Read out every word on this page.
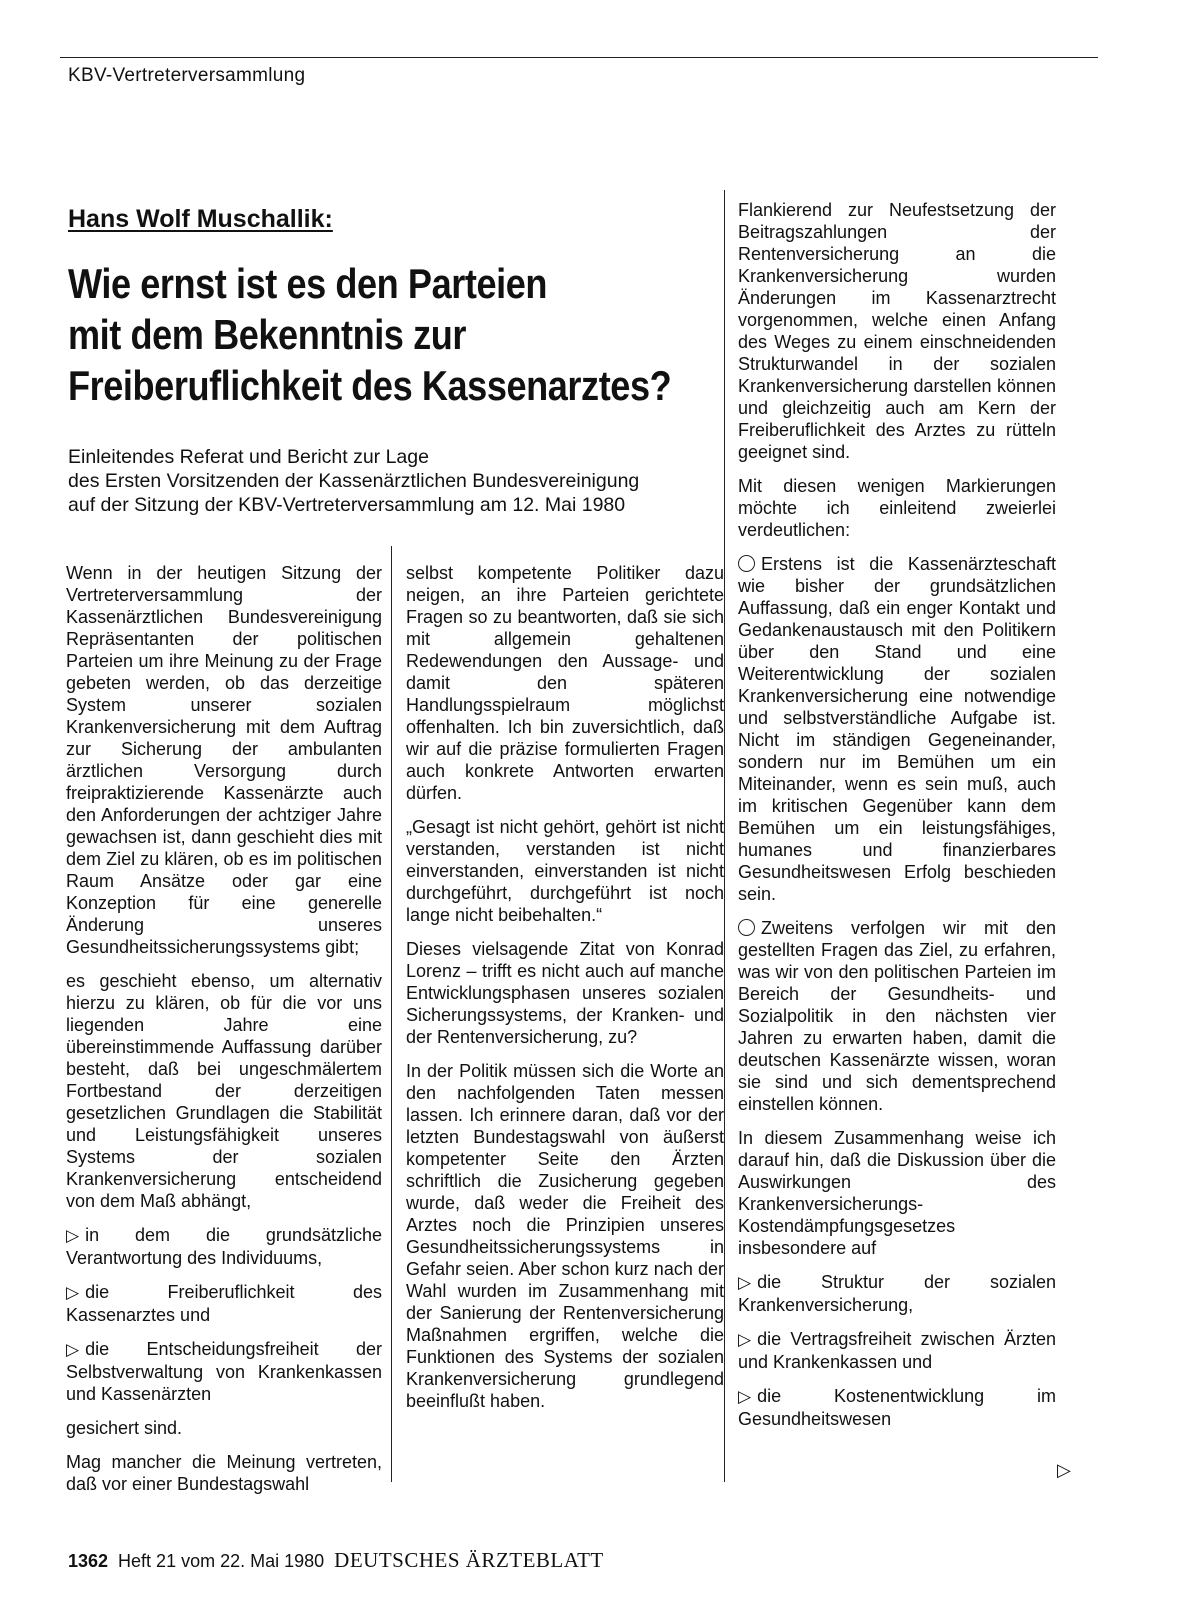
KBV-Vertreterversammlung
Hans Wolf Muschallik:
Wie ernst ist es den Parteien
mit dem Bekenntnis zur
Freiberuflichkeit des Kassenarztes?
Einleitendes Referat und Bericht zur Lage
des Ersten Vorsitzenden der Kassenärztlichen Bundesvereinigung
auf der Sitzung der KBV-Vertreterversammlung am 12. Mai 1980

Wenn in der heutigen Sitzung der Vertreterversammlung der Kassenärztlichen Bundesvereinigung Repräsentanten der politischen Parteien um ihre Meinung zu der Frage gebeten werden, ob das derzeitige System unserer sozialen Krankenversicherung mit dem Auftrag zur Sicherung der ambulanten ärztlichen Versorgung durch freipraktizierende Kassenärzte auch den Anforderungen der achtziger Jahre gewachsen ist, dann geschieht dies mit dem Ziel zu klären, ob es im politischen Raum Ansätze oder gar eine Konzeption für eine generelle Änderung unseres Gesundheitssicherungssystems gibt;

es geschieht ebenso, um alternativ hierzu zu klären, ob für die vor uns liegenden Jahre eine übereinstimmende Auffassung darüber besteht, daß bei ungeschmälertem Fortbestand der derzeitigen gesetzlichen Grundlagen die Stabilität und Leistungsfähigkeit unseres Systems der sozialen Krankenversicherung entscheidend von dem Maß abhängt,

▷ in dem die grundsätzliche Verantwortung des Individuums,

▷ die Freiberuflichkeit des Kassenarztes und

▷ die Entscheidungsfreiheit der Selbstverwaltung von Krankenkassen und Kassenärzten

gesichert sind.

Mag mancher die Meinung vertreten, daß vor einer Bundestagswahl

selbst kompetente Politiker dazu neigen, an ihre Parteien gerichtete Fragen so zu beantworten, daß sie sich mit allgemein gehaltenen Redewendungen den Aussage- und damit den späteren Handlungsspielraum möglichst offenhalten. Ich bin zuversichtlich, daß wir auf die präzise formulierten Fragen auch konkrete Antworten erwarten dürfen.

„Gesagt ist nicht gehört, gehört ist nicht verstanden, verstanden ist nicht einverstanden, einverstanden ist nicht durchgeführt, durchgeführt ist noch lange nicht beibehalten.“

Dieses vielsagende Zitat von Konrad Lorenz – trifft es nicht auch auf manche Entwicklungsphasen unseres sozialen Sicherungssystems, der Kranken- und der Rentenversicherung, zu?

In der Politik müssen sich die Worte an den nachfolgenden Taten messen lassen. Ich erinnere daran, daß vor der letzten Bundestagswahl von äußerst kompetenter Seite den Ärzten schriftlich die Zusicherung gegeben wurde, daß weder die Freiheit des Arztes noch die Prinzipien unseres Gesundheitssicherungssystems in Gefahr seien. Aber schon kurz nach der Wahl wurden im Zusammenhang mit der Sanierung der Rentenversicherung Maßnahmen ergriffen, welche die Funktionen des Systems der sozialen Krankenversicherung grundlegend beeinflußt haben.

Flankierend zur Neufestsetzung der Beitragszahlungen der Rentenversicherung an die Krankenversicherung wurden Änderungen im Kassenarztrecht vorgenommen, welche einen Anfang des Weges zu einem einschneidenden Strukturwandel in der sozialen Krankenversicherung darstellen können und gleichzeitig auch am Kern der Freiberuflichkeit des Arztes zu rütteln geeignet sind.

Mit diesen wenigen Markierungen möchte ich einleitend zweierlei verdeutlichen:

Erstens ist die Kassenärzteschaft wie bisher der grundsätzlichen Auffassung, daß ein enger Kontakt und Gedankenaustausch mit den Politikern über den Stand und eine Weiterentwicklung der sozialen Krankenversicherung eine notwendige und selbstverständliche Aufgabe ist. Nicht im ständigen Gegeneinander, sondern nur im Bemühen um ein Miteinander, wenn es sein muß, auch im kritischen Gegenüber kann dem Bemühen um ein leistungsfähiges, humanes und finanzierbares Gesundheitswesen Erfolg beschieden sein.

Zweitens verfolgen wir mit den gestellten Fragen das Ziel, zu erfahren, was wir von den politischen Parteien im Bereich der Gesundheits- und Sozialpolitik in den nächsten vier Jahren zu erwarten haben, damit die deutschen Kassenärzte wissen, woran sie sind und sich dementsprechend einstellen können.

In diesem Zusammenhang weise ich darauf hin, daß die Diskussion über die Auswirkungen des Krankenversicherungs-Kostendämpfungsgesetzes insbesondere auf

▷ die Struktur der sozialen Krankenversicherung,

▷ die Vertragsfreiheit zwischen Ärzten und Krankenkassen und

▷ die Kostenentwicklung im Gesundheitswesen

▷
1362 Heft 21 vom 22. Mai 1980 DEUTSCHES ÄRZTEBLATT
